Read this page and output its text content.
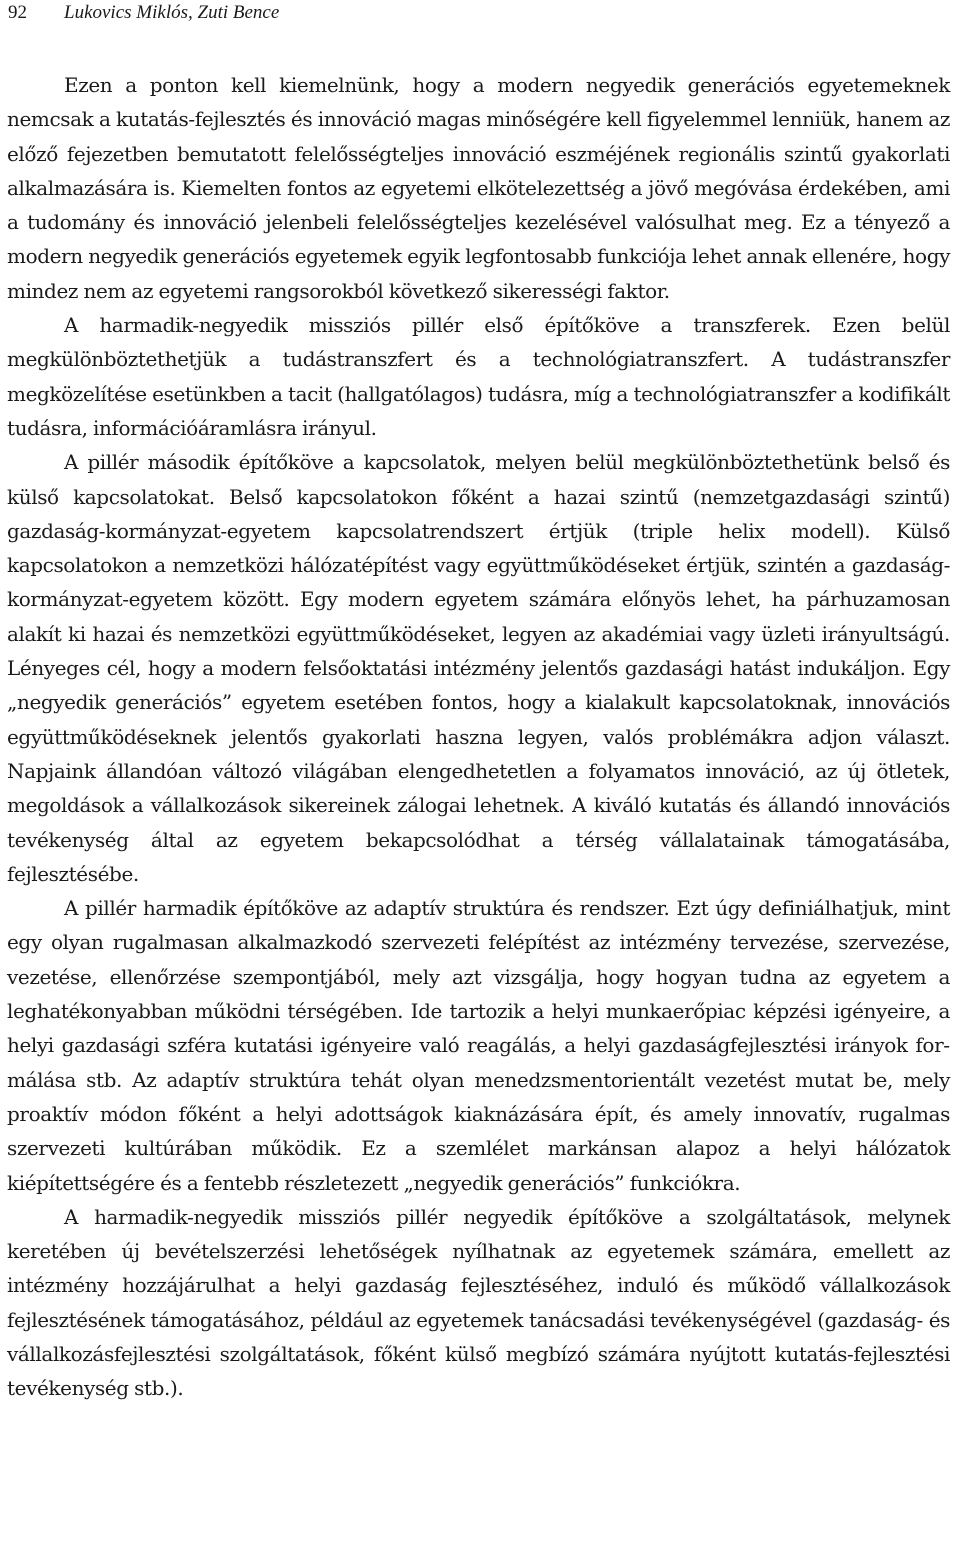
92 Lukovics Miklós, Zuti Bence

Ezen a ponton kell kiemelnünk, hogy a modern negyedik generációs egyetemeknek nemcsak a kutatás-fejlesztés és innováció magas minőségére kell figyelemmel lenniük, hanem az előző fejezetben bemutatott felelősségteljes innováció eszméjének regionális szintű gyakorlati alkalmazására is. Kiemelten fontos az egyetemi elkötelezettség a jövő megóvása érdekében, ami a tudomány és innováció jelenbeli felelősségteljes kezelésével valósulhat meg. Ez a tényező a modern negyedik generációs egyetemek egyik legfontosabb funkciója lehet annak ellenére, hogy mindez nem az egyetemi rangsorokból következő sikerességi faktor.

A harmadik-negyedik missziós pillér első építőköve a transzferek. Ezen belül megkülönböztethetjük a tudástranszfert és a technológiatranszfert. A tudástranszfer megközelítése esetünkben a tacit (hallgatólagos) tudásra, míg a technológiatranszfer a kodifikált tudásra, információáramlásra irányul.

A pillér második építőköve a kapcsolatok, melyen belül megkülönböztethetünk belső és külső kapcsolatokat. Belső kapcsolatokon főként a hazai szintű (nemzetgazdasági szintű) gazdaság-kormányzat-egyetem kapcsolatrendszert értjük (triple helix modell). Külső kapcsolatokon a nemzetközi hálózatépítést vagy együttműködéseket értjük, szintén a gazdaság-kormányzat-egyetem között. Egy modern egyetem számára előnyös lehet, ha párhuzamosan alakít ki hazai és nemzetközi együttműködéseket, legyen az akadémiai vagy üzleti irányultságú. Lényeges cél, hogy a modern felsőoktatási intézmény jelentős gazdasági hatást indukáljon. Egy „negyedik generációs” egyetem esetében fontos, hogy a kialakult kapcsolatoknak, innovációs együttműködéseknek jelentős gyakorlati haszna legyen, valós problémákra adjon választ. Napjaink állandóan változó világában elengedhetetlen a folyamatos innováció, az új ötletek, megoldások a vállalkozások sikereinek zálogai lehetnek. A kiváló kutatás és állandó innovációs tevékenység által az egyetem bekapcsolódhat a térség vállalatainak támogatásába, fejlesztésébe.

A pillér harmadik építőköve az adaptív struktúra és rendszer. Ezt úgy definiálhatjuk, mint egy olyan rugalmasan alkalmazkodó szervezeti felépítést az intézmény tervezése, szervezése, vezetése, ellenőrzése szempontjából, mely azt vizsgálja, hogy hogyan tudna az egyetem a leghatékonyabban működni térségében. Ide tartozik a helyi munkaerőpiac képzési igényeire, a helyi gazdasági szféra kutatási igényeire való reagálás, a helyi gazdaságfejlesztési irányok formálása stb. Az adaptív struktúra tehát olyan menedzsmentorientált vezetést mutat be, mely proaktív módon főként a helyi adottságok kiaknázására épít, és amely innovatív, rugalmas szervezeti kultúrában működik. Ez a szemlélet markánsan alapoz a helyi hálózatok kiépítettségére és a fentebb részletezett „negyedik generációs” funkciókra.

A harmadik-negyedik missziós pillér negyedik építőköve a szolgáltatások, melynek keretében új bevételszerzési lehetőségek nyílhatnak az egyetemek számára, emellett az intézmény hozzájárulhat a helyi gazdaság fejlesztéséhez, induló és működő vállalkozások fejlesztésének támogatásához, például az egyetemek tanácsadási tevékenységével (gazdaság- és vállalkozásfejlesztési szolgáltatások, főként külső megbízó számára nyújtott kutatás-fejlesztési tevékenység stb.).
